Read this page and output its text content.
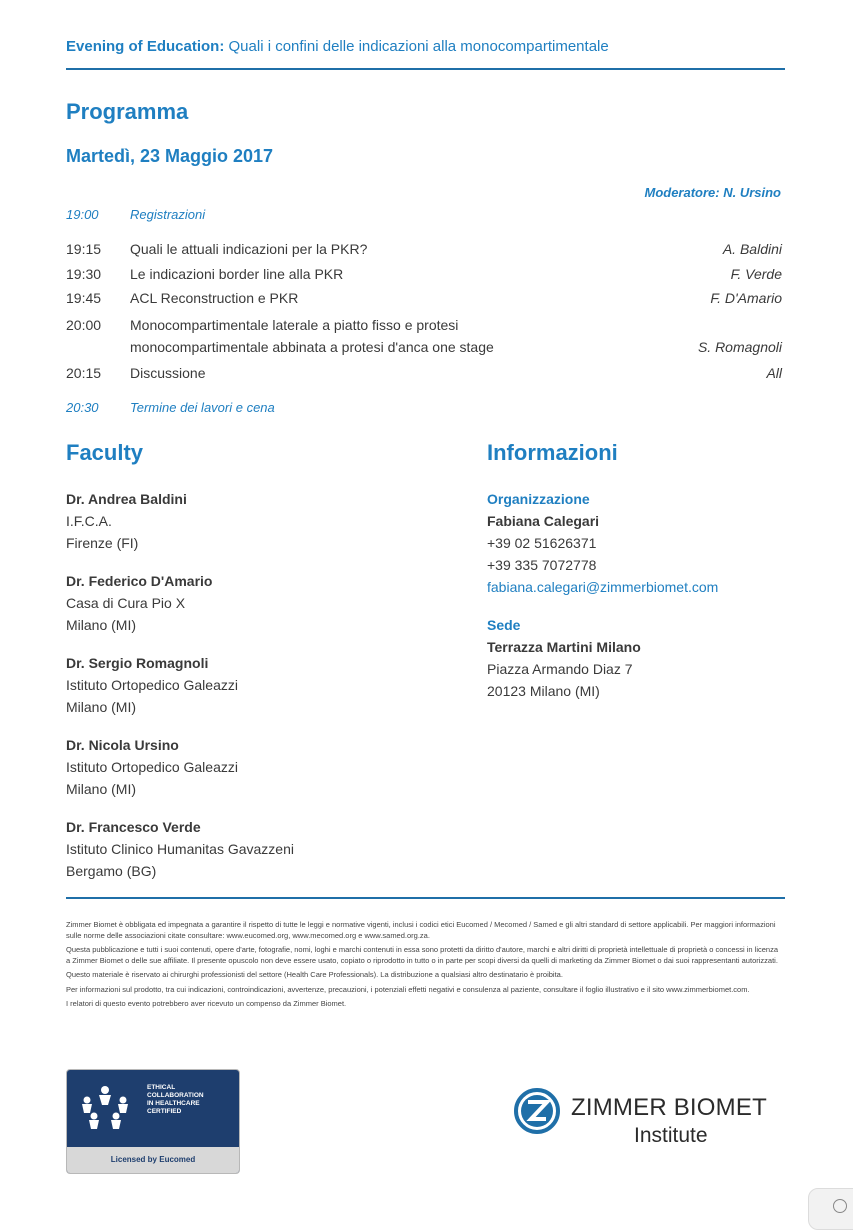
Evening of Education: Quali i confini delle indicazioni alla monocompartimentale
Programma
Martedì, 23 Maggio 2017
Moderatore: N. Ursino
19:00	Registrazioni
19:15	Quali le attuali indicazioni per la PKR?	A. Baldini
19:30	Le indicazioni border line alla PKR	F. Verde
19:45	ACL Reconstruction e PKR	F. D'Amario
20:00	Monocompartimentale laterale a piatto fisso e protesi
monocompartimentale abbinata a protesi d'anca one stage	S. Romagnoli
20:15	Discussione	All
20:30	Termine dei lavori e cena
Faculty
Dr. Andrea Baldini
I.F.C.A.
Firenze (FI)
Dr. Federico D'Amario
Casa di Cura Pio X
Milano (MI)
Dr. Sergio Romagnoli
Istituto Ortopedico Galeazzi
Milano (MI)
Dr. Nicola Ursino
Istituto Ortopedico Galeazzi
Milano (MI)
Dr. Francesco Verde
Istituto Clinico Humanitas Gavazzeni
Bergamo (BG)
Informazioni
Organizzazione
Fabiana Calegari
+39 02 51626371
+39 335 7072778
fabiana.calegari@zimmerbiomet.com
Sede
Terrazza Martini Milano
Piazza Armando Diaz 7
20123 Milano (MI)

Zimmer Biomet è obbligata ed impegnata a garantire il rispetto di tutte le leggi e normative vigenti, inclusi i codici etici Eucomed / Mecomed / Samed e gli altri standard di settore applicabili. Per maggiori informazioni sulle norme delle associazioni citate consultare: www.eucomed.org, www.mecomed.org e www.samed.org.za.

Questa pubblicazione e tutti i suoi contenuti, opere d'arte, fotografie, nomi, loghi e marchi contenuti in essa sono protetti da diritto d'autore, marchi e altri diritti di proprietà intellettuale di proprietà o concessi in licenza a Zimmer Biomet o delle sue affiliate. Il presente opuscolo non deve essere usato, copiato o riprodotto in tutto o in parte per scopi diversi da quelli di marketing da Zimmer Biomet o dai suoi rappresentanti autorizzati.

Questo materiale è riservato ai chirurghi professionisti del settore (Health Care Professionals). La distribuzione a qualsiasi altro destinatario è proibita.

Per informazioni sul prodotto, tra cui indicazioni, controindicazioni, avvertenze, precauzioni, i potenziali effetti negativi e consulenza al paziente, consultare il foglio illustrativo e il sito www.zimmerbiomet.com.

I relatori di questo evento potrebbero aver ricevuto un compenso da Zimmer Biomet.

ETHICAL
COLLABORATION
IN HEALTHCARE
CERTIFIED
Licensed by Eucomed
ZIMMER BIOMET
Institute
